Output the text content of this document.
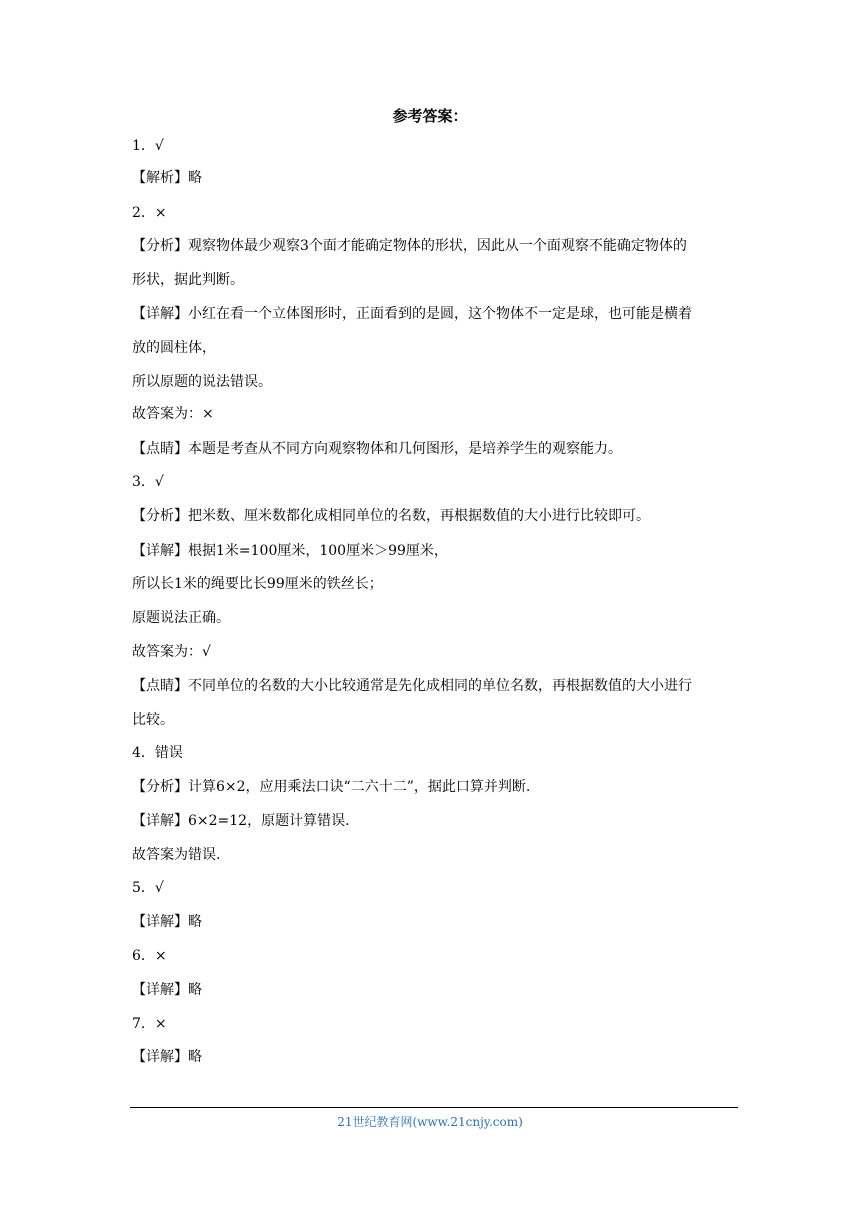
参考答案：
1．√
【解析】略
2．×
【分析】观察物体最少观察3个面才能确定物体的形状，因此从一个面观察不能确定物体的
形状，据此判断。
【详解】小红在看一个立体图形时，正面看到的是圆，这个物体不一定是球，也可能是横着
放的圆柱体，
所以原题的说法错误。
故答案为：×
【点睛】本题是考查从不同方向观察物体和几何图形，是培养学生的观察能力。
3．√
【分析】把米数、厘米数都化成相同单位的名数，再根据数值的大小进行比较即可。
【详解】根据1米=100厘米，100厘米＞99厘米，
所以长1米的绳要比长99厘米的铁丝长；
原题说法正确。
故答案为：√
【点睛】不同单位的名数的大小比较通常是先化成相同的单位名数，再根据数值的大小进行
比较。
4．错误
【分析】计算6×2，应用乘法口诀“二六十二”，据此口算并判断.
【详解】6×2=12，原题计算错误.
故答案为错误.
5．√
【详解】略
6．×
【详解】略
7．×
【详解】略
21世纪教育网(www.21cnjy.com)
